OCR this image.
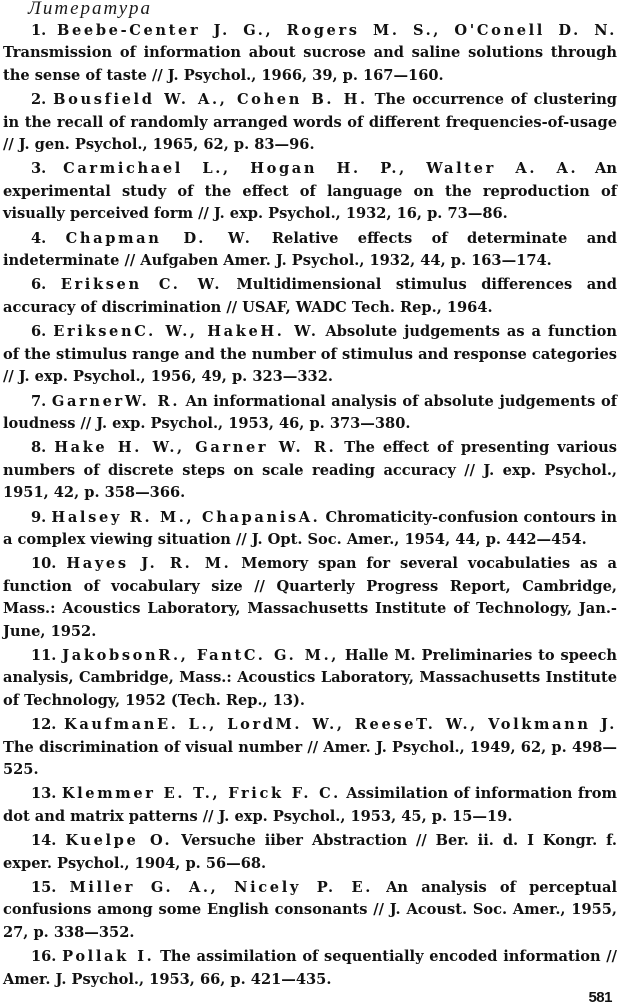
Литература

1. Beebe-Center J. G., Rogers M. S., O'Conell D. N. Transmission of information about sucrose and saline solutions through the sense of taste // J. Psychol., 1966, 39, p. 167—160.

2. Bousfield W. A., Cohen B. H. The occurrence of clustering in the recall of randomly arranged words of different frequencies-of-usage // J. gen. Psychol., 1965, 62, p. 83—96.

3. Carmichael L., Hogan H. P., Walter A. A. An experimental study of the effect of language on the reproduction of visually perceived form // J. exp. Psychol., 1932, 16, p. 73—86.

4. Chapman D. W. Relative effects of determinate and indeterminate // Aufgaben Amer. J. Psychol., 1932, 44, p. 163—174.

6. Eriksen C. W. Multidimensional stimulus differences and accuracy of discrimination // USAF, WADC Tech. Rep., 1964.

6. EriksenC. W., HakeH. W. Absolute judgements as a function of the stimulus range and the number of stimulus and response categories // J. exp. Psychol., 1956, 49, p. 323—332.

7. GarnerW. R. An informational analysis of absolute judgements of loudness // J. exp. Psychol., 1953, 46, p. 373—380.

8. Hake H. W., Garner W. R. The effect of presenting various numbers of discrete steps on scale reading accuracy // J. exp. Psychol., 1951, 42, p. 358—366.

9. Halsey R. M., ChapanisA. Chromaticity-confusion contours in a complex viewing situation // J. Opt. Soc. Amer., 1954, 44, p. 442—454.

10. Hayes J. R. M. Memory span for several vocabulaties as a function of vocabulary size // Quarterly Progress Report, Cambridge, Mass.: Acoustics Laboratory, Massachusetts Institute of Technology, Jan.-June, 1952.

11. JakobsonR., FantC. G. M., Halle M. Preliminaries to speech analysis, Cambridge, Mass.: Acoustics Laboratory, Massachusetts Institute of Technology, 1952 (Tech. Rep., 13).

12. KaufmanE. L., LordM. W., ReeseT. W., Volkmann J. The discrimination of visual number // Amer. J. Psychol., 1949, 62, p. 498—525.

13. Klemmer E. T., Frick F. C. Assimilation of information from dot and matrix patterns // J. exp. Psychol., 1953, 45, p. 15—19.

14. Kuelpe O. Versuche iiber Abstraction // Ber. ii. d. I Kongr. f. exper. Psychol., 1904, p. 56—68.

15. Miller G. A., Nicely P. E. An analysis of perceptual confusions among some English consonants // J. Acoust. Soc. Amer., 1955, 27, p. 338—352.

16. Pollak I. The assimilation of sequentially encoded information // Amer. J. Psychol., 1953, 66, p. 421—435.

581
